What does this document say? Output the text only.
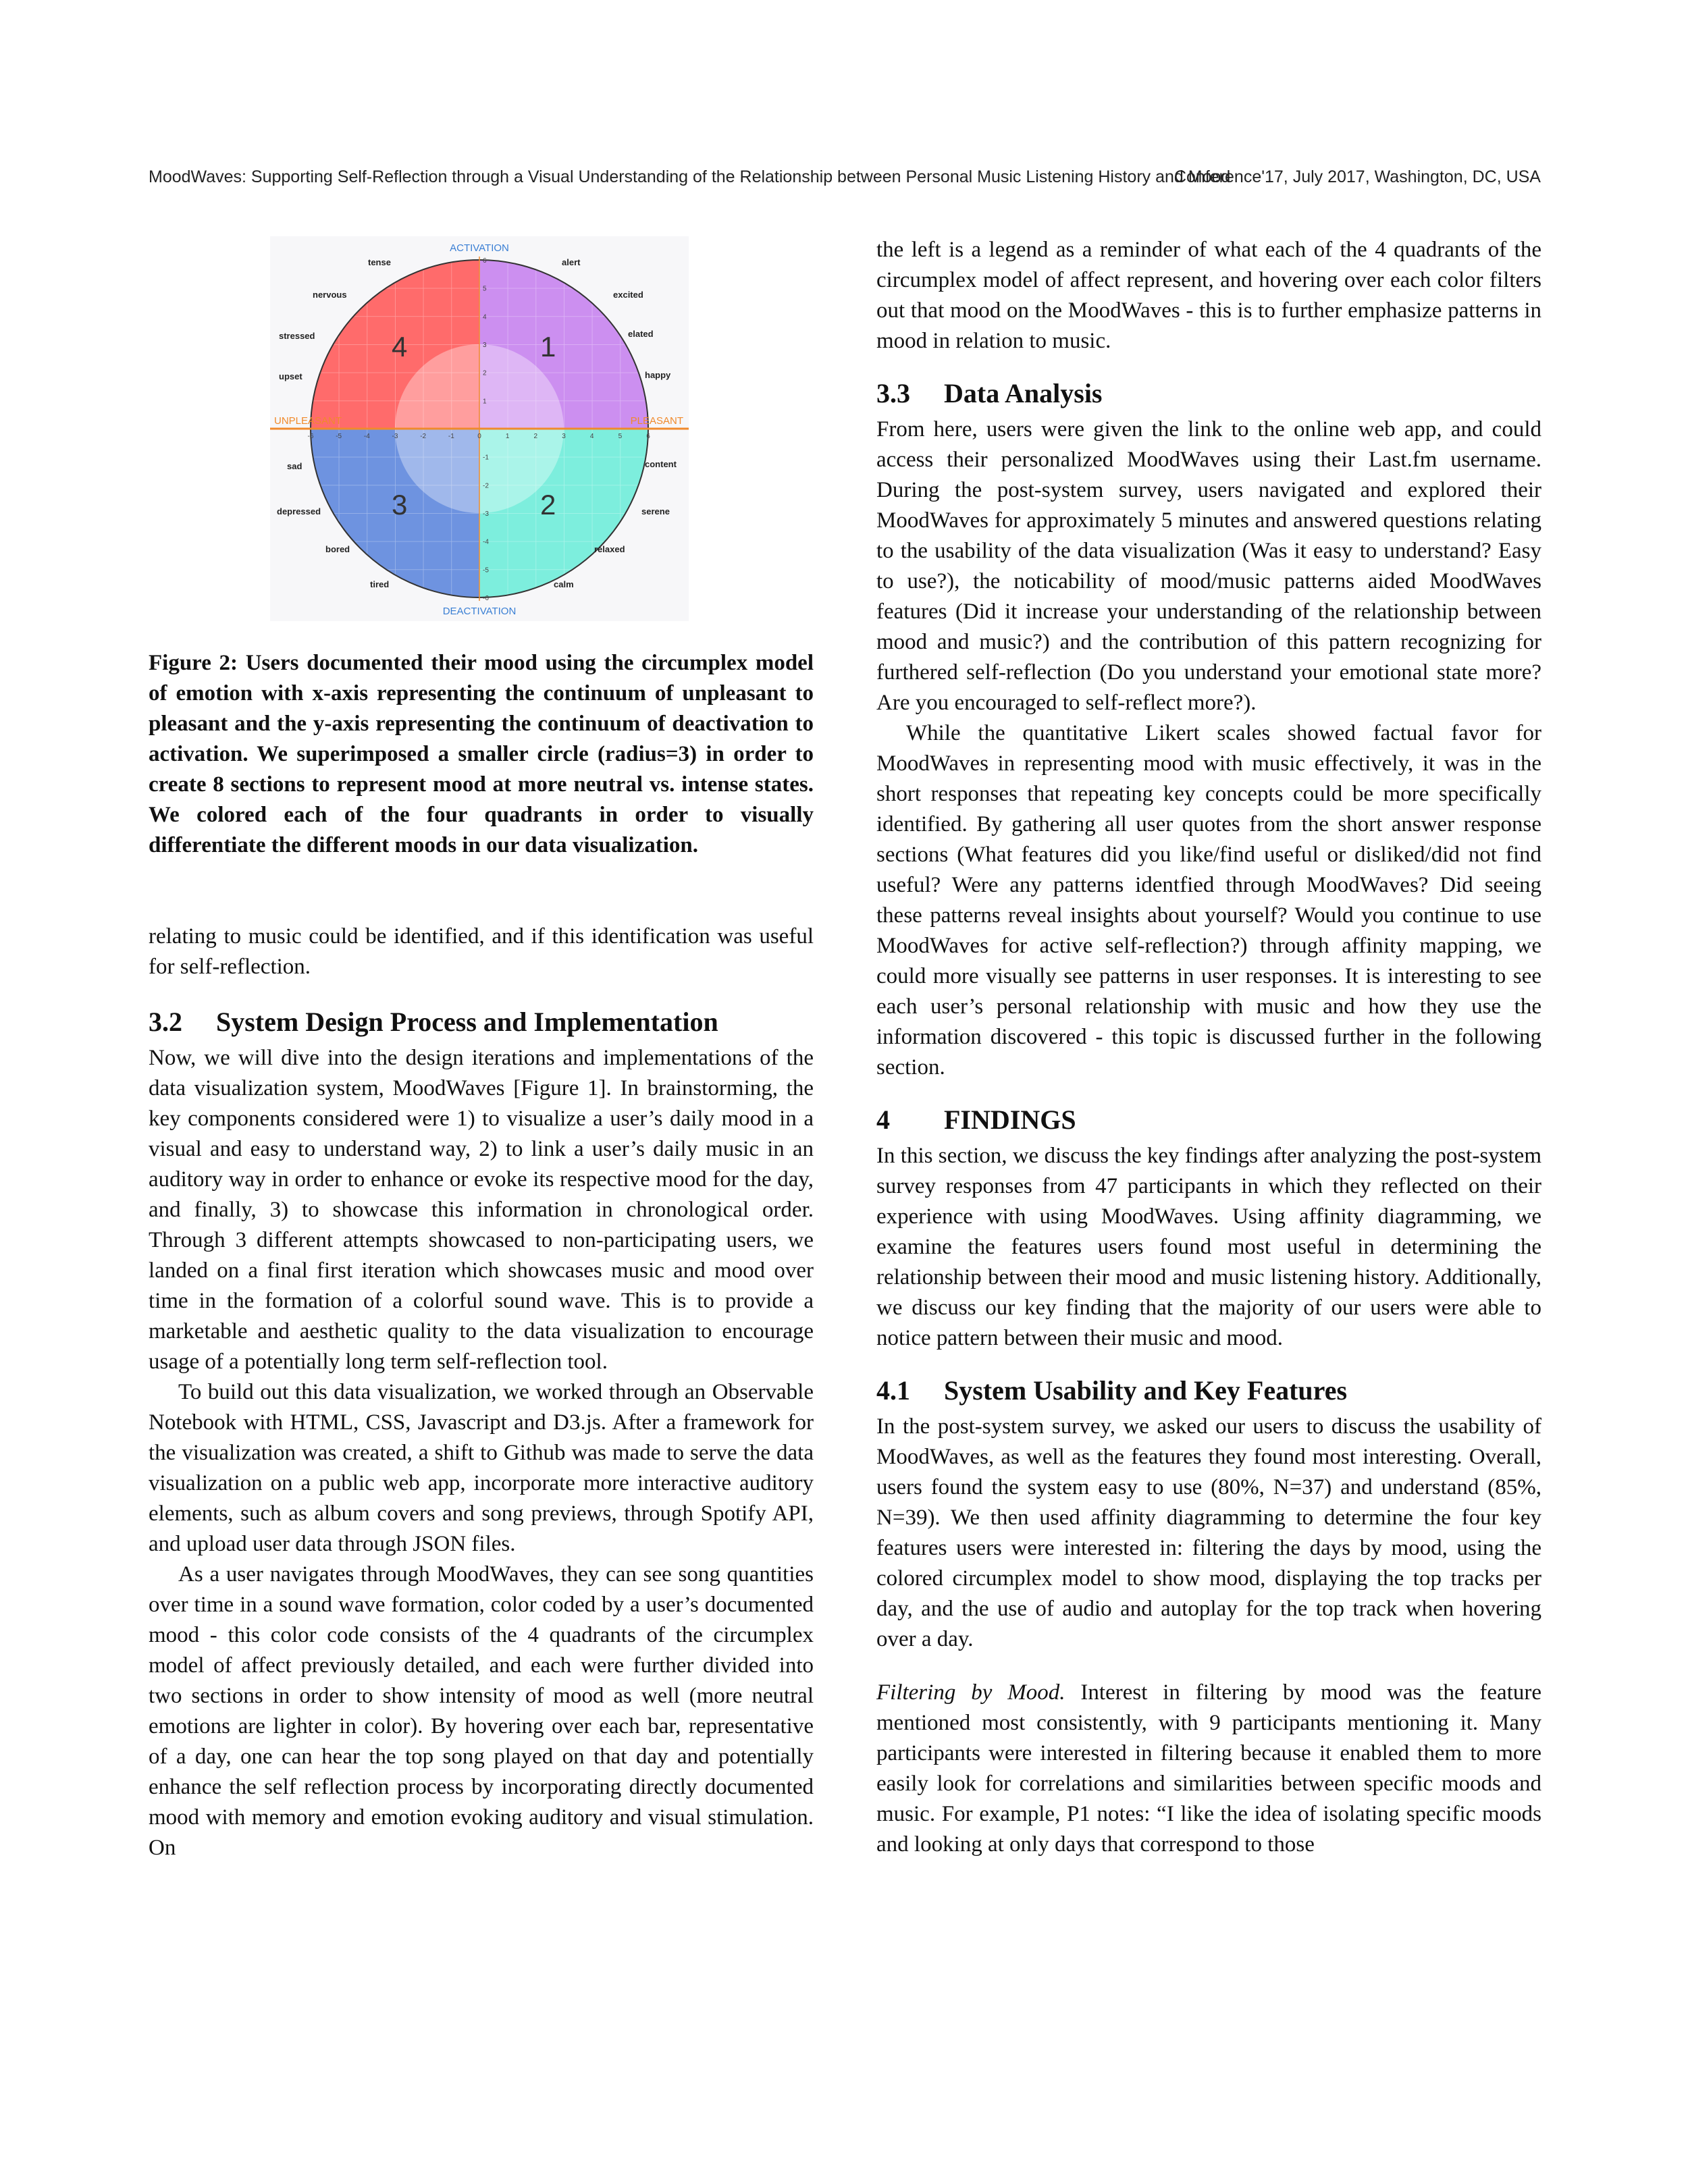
MoodWaves: Supporting Self-Reflection through a Visual Understanding of the Relationship between Personal Music Listening History and Mood
Conference'17, July 2017, Washington, DC, USA
ACTIVATION
DEACTIVATION
UNPLEASANT	PLEASANT
1
2
3
4
-6	-5	-4	-3	-2	-1	0	1	2	3	4	5	6
6
5
4
3
2
1
-1
-2
-3
-4
-5
-6
tense	alert
nervous	excited
stressed	elated
upset	happy
sad	content
depressed	serene
bored	relaxed
tired	calm

Figure 2: Users documented their mood using the circumplex model of emotion with x-axis representing the continuum of unpleasant to pleasant and the y-axis representing the continuum of deactivation to activation. We superimposed a smaller circle (radius=3) in order to create 8 sections to represent mood at more neutral vs. intense states. We colored each of the four quadrants in order to visually differentiate the different moods in our data visualization.

relating to music could be identified, and if this identification was useful for self-reflection.

3.2 System Design Process and Implementation

Now, we will dive into the design iterations and implementations of the data visualization system, MoodWaves [Figure 1]. In brainstorming, the key components considered were 1) to visualize a user’s daily mood in a visual and easy to understand way, 2) to link a user’s daily music in an auditory way in order to enhance or evoke its respective mood for the day, and finally, 3) to showcase this information in chronological order. Through 3 different attempts showcased to non-participating users, we landed on a final first iteration which showcases music and mood over time in the formation of a colorful sound wave. This is to provide a marketable and aesthetic quality to the data visualization to encourage usage of a potentially long term self-reflection tool.

To build out this data visualization, we worked through an Observable Notebook with HTML, CSS, Javascript and D3.js. After a framework for the visualization was created, a shift to Github was made to serve the data visualization on a public web app, incorporate more interactive auditory elements, such as album covers and song previews, through Spotify API, and upload user data through JSON files.

As a user navigates through MoodWaves, they can see song quantities over time in a sound wave formation, color coded by a user’s documented mood - this color code consists of the 4 quadrants of the circumplex model of affect previously detailed, and each were further divided into two sections in order to show intensity of mood as well (more neutral emotions are lighter in color). By hovering over each bar, representative of a day, one can hear the top song played on that day and potentially enhance the self reflection process by incorporating directly documented mood with memory and emotion evoking auditory and visual stimulation. On

the left is a legend as a reminder of what each of the 4 quadrants of the circumplex model of affect represent, and hovering over each color filters out that mood on the MoodWaves - this is to further emphasize patterns in mood in relation to music.

3.3 Data Analysis

From here, users were given the link to the online web app, and could access their personalized MoodWaves using their Last.fm username. During the post-system survey, users navigated and explored their MoodWaves for approximately 5 minutes and answered questions relating to the usability of the data visualization (Was it easy to understand? Easy to use?), the noticability of mood/music patterns aided MoodWaves features (Did it increase your understanding of the relationship between mood and music?) and the contribution of this pattern recognizing for furthered self-reflection (Do you understand your emotional state more? Are you encouraged to self-reflect more?).

While the quantitative Likert scales showed factual favor for MoodWaves in representing mood with music effectively, it was in the short responses that repeating key concepts could be more specifically identified. By gathering all user quotes from the short answer response sections (What features did you like/find useful or disliked/did not find useful? Were any patterns identfied through MoodWaves? Did seeing these patterns reveal insights about yourself? Would you continue to use MoodWaves for active self-reflection?) through affinity mapping, we could more visually see patterns in user responses. It is interesting to see each user’s personal relationship with music and how they use the information discovered - this topic is discussed further in the following section.

4 FINDINGS

In this section, we discuss the key findings after analyzing the post-system survey responses from 47 participants in which they reflected on their experience with using MoodWaves. Using affinity diagramming, we examine the features users found most useful in determining the relationship between their mood and music listening history. Additionally, we discuss our key finding that the majority of our users were able to notice pattern between their music and mood.

4.1 System Usability and Key Features

In the post-system survey, we asked our users to discuss the usability of MoodWaves, as well as the features they found most interesting. Overall, users found the system easy to use (80%, N=37) and understand (85%, N=39). We then used affinity diagramming to determine the four key features users were interested in: filtering the days by mood, using the colored circumplex model to show mood, displaying the top tracks per day, and the use of audio and autoplay for the top track when hovering over a day.

Filtering by Mood. Interest in filtering by mood was the feature mentioned most consistently, with 9 participants mentioning it. Many participants were interested in filtering because it enabled them to more easily look for correlations and similarities between specific moods and music. For example, P1 notes: “I like the idea of isolating specific moods and looking at only days that correspond to those
